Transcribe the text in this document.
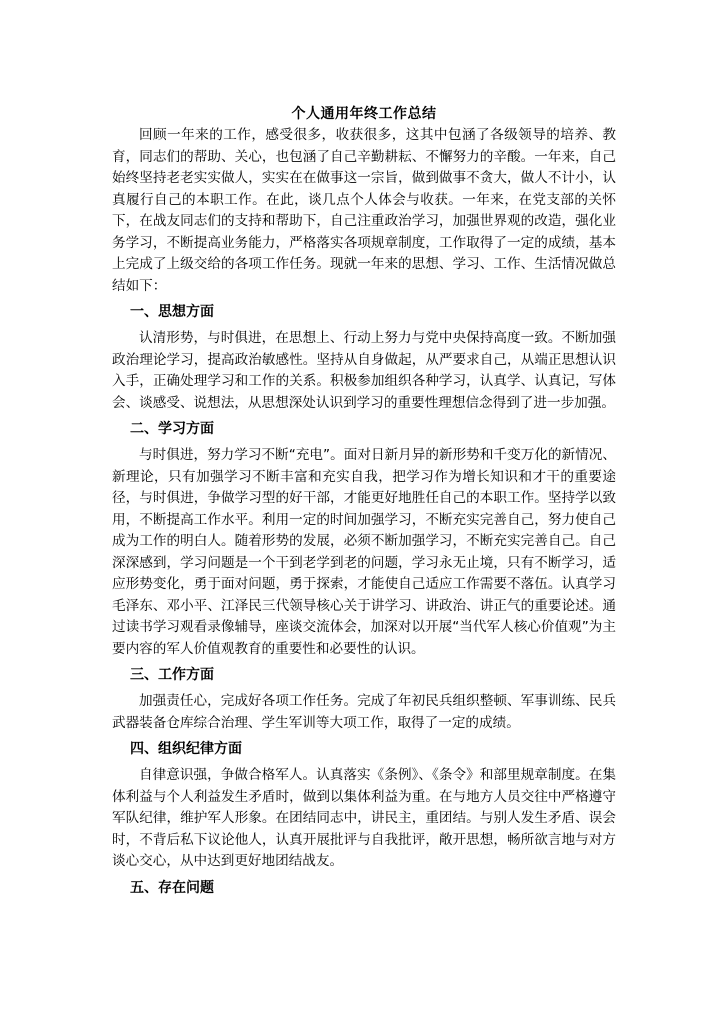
个人通用年终工作总结

回顾一年来的工作，感受很多，收获很多，这其中包涵了各级领导的培养、教育，同志们的帮助、关心，也包涵了自己辛勤耕耘、不懈努力的辛酸。一年来，自己始终坚持老老实实做人，实实在在做事这一宗旨，做到做事不贪大，做人不计小，认真履行自己的本职工作。在此，谈几点个人体会与收获。一年来，在党支部的关怀下，在战友同志们的支持和帮助下，自己注重政治学习，加强世界观的改造，强化业务学习，不断提高业务能力，严格落实各项规章制度，工作取得了一定的成绩，基本上完成了上级交给的各项工作任务。现就一年来的思想、学习、工作、生活情况做总结如下：

一、思想方面

认清形势，与时俱进，在思想上、行动上努力与党中央保持高度一致。不断加强政治理论学习，提高政治敏感性。坚持从自身做起，从严要求自己，从端正思想认识入手，正确处理学习和工作的关系。积极参加组织各种学习，认真学、认真记，写体会、谈感受、说想法，从思想深处认识到学习的重要性理想信念得到了进一步加强。

二、学习方面

与时俱进，努力学习不断“充电”。面对日新月异的新形势和千变万化的新情况、新理论，只有加强学习不断丰富和充实自我，把学习作为增长知识和才干的重要途径，与时俱进，争做学习型的好干部，才能更好地胜任自己的本职工作。坚持学以致用，不断提高工作水平。利用一定的时间加强学习，不断充实完善自己，努力使自己成为工作的明白人。随着形势的发展，必须不断加强学习，不断充实完善自己。自己深深感到，学习问题是一个干到老学到老的问题，学习永无止境，只有不断学习，适应形势变化，勇于面对问题，勇于探索，才能使自己适应工作需要不落伍。认真学习毛泽东、邓小平、江泽民三代领导核心关于讲学习、讲政治、讲正气的重要论述。通过读书学习观看录像辅导，座谈交流体会，加深对以开展“当代军人核心价值观”为主要内容的军人价值观教育的重要性和必要性的认识。

三、工作方面

加强责任心，完成好各项工作任务。完成了年初民兵组织整顿、军事训练、民兵武器装备仓库综合治理、学生军训等大项工作，取得了一定的成绩。

四、组织纪律方面

自律意识强，争做合格军人。认真落实《条例》、《条令》和部里规章制度。在集体利益与个人利益发生矛盾时，做到以集体利益为重。在与地方人员交往中严格遵守军队纪律，维护军人形象。在团结同志中，讲民主，重团结。与别人发生矛盾、误会时，不背后私下议论他人，认真开展批评与自我批评，敞开思想，畅所欲言地与对方谈心交心，从中达到更好地团结战友。

五、存在问题
